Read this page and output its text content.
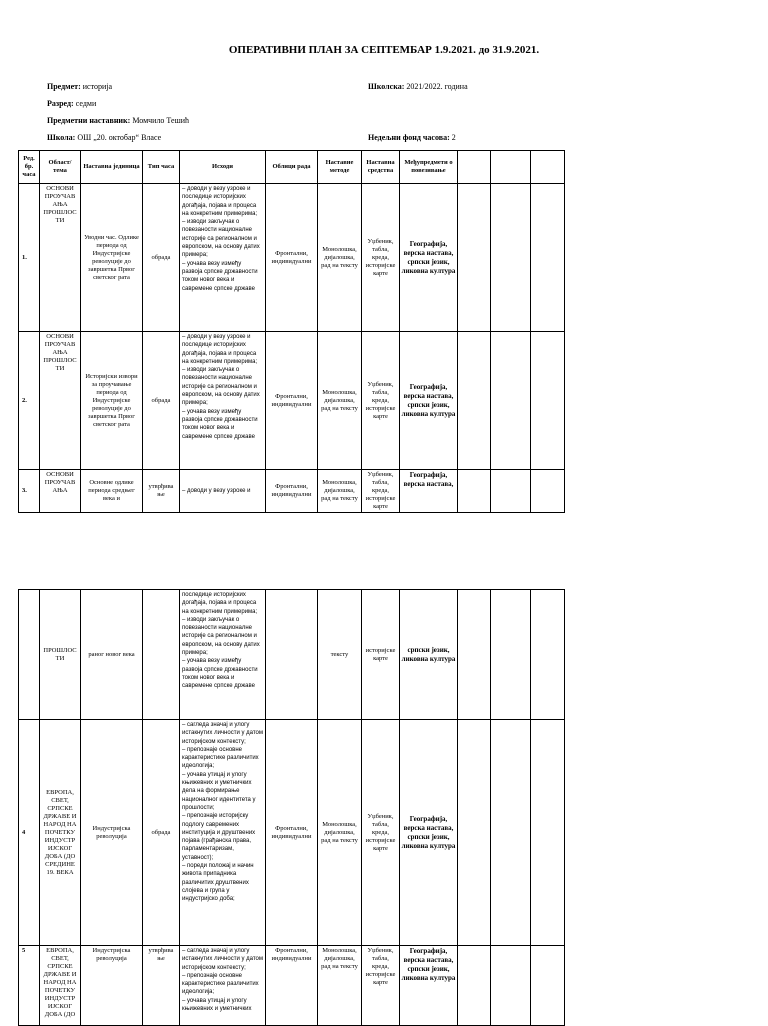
ОПЕРАТИВНИ ПЛАН ЗА СЕПТЕМБАР 1.9.2021. до 31.9.2021.
Предмет: историја
Разред: седми
Предметни наставник: Момчило Тешић
Школа: ОШ „20. октобар“ Власе
Школска: 2021/2022. година
Недељни фонд часова: 2
Ред. бр. часа	Област/ тема	Наставна јединица	Тип часа	Исходи	Облици рада	Наставне методе	Наставна средства	Међупредмети о повезивање			
1.	ОСНОВИ ПРОУЧАВ АЊА ПРОШЛОС ТИ	Уводни час. Одлике периода од Индустријске револуције до завршетка Првог светског рата	обрада	– доводи у везу узроке и последице историјских догађаја, појава и процеса на конкретним примерима;
– изводи закључак о повезаности националне историје са регионалном и европском, на основу датих примера;
– уочава везу између развоја српске државности током новог века и савремене српске државе	Фронтални, индивидуални	Монолошка, дијалошка, рад на тексту	Уџбеник, табла, креда, историјске карте	Географија, верска настава, српски језик, ликовна култура			
2.	ОСНОВИ ПРОУЧАВ АЊА ПРОШЛОС ТИ	Историјски извори за проучавање периода од Индустријске револуције до завршетка Првог светског рата	обрада	– доводи у везу узроке и последице историјских догађаја, појава и процеса на конкретним примерима;
– изводи закључак о повезаности националне историје са регионалном и европском, на основу датих примера;
– уочава везу између развоја српске државности током новог века и савремене српске државе	Фронтални, индивидуални	Монолошка, дијалошка, рад на тексту	Уџбеник, табла, креда, историјске карте	Географија, верска настава, српски језик, ликовна култура			
3.	ОСНОВИ ПРОУЧАВ АЊА	Основне одлике периода средњег века и	утврђива ње	– доводи у везу узроке и	Фронтални, индивидуални	Монолошка, дијалошка, рад на тексту	Уџбеник, табла, креда, историјске карте	Географија, верска настава,			
	ПРОШЛОС ТИ	раног новог века		последице историјских догађаја, појава и процеса на конкретним примерима;
– изводи закључак о повезаности националне историје са регионалном и европском, на основу датих примера;
– уочава везу између развоја српске државности током новог века и савремене српске државе		тексту	историјске карте	српски језик, ликовна култура			
4	ЕВРОПА, СВЕТ, СРПСКЕ ДРЖАВЕ И НАРОД НА ПОЧЕТКУ ИНДУСТР ИЈСКОГ ДОБА (ДО СРЕДИНЕ 19. ВЕКА	Индустријска револуција	обрада	– сагледа значај и улогу истакнутих личности у датом историјском контексту;
– препознаје основне карактеристике различитих идеологија;
– уочава утицај и улогу књижевних и уметничких дела на формирање националног идентитета у прошлости;
– препознаје историјску подлогу савремених институција и друштвених појава (грађанска права, парламентаризам, уставност);
– пореди положај и начин живота припадника различитих друштвених слојева и група у индустријско доба;	Фронтални, индивидуални	Монолошка, дијалошка, рад на тексту	Уџбеник, табла, креда, историјске карте	Географија, верска настава, српски језик, ликовна култура			
5	ЕВРОПА, СВЕТ, СРПСКЕ ДРЖАВЕ И НАРОД НА ПОЧЕТКУ ИНДУСТР ИЈСКОГ ДОБА (ДО	Индустријска револуција	утврђива ње	– сагледа значај и улогу истакнутих личности у датом историјском контексту;
– препознаје основне карактеристике различитих идеологија;
– уочава утицај и улогу књижевних и уметничких	Фронтални, индивидуални	Монолошка, дијалошка, рад на тексту	Уџбеник, табла, креда, историјске карте	Географија, верска настава, српски језик, ликовна култура			
